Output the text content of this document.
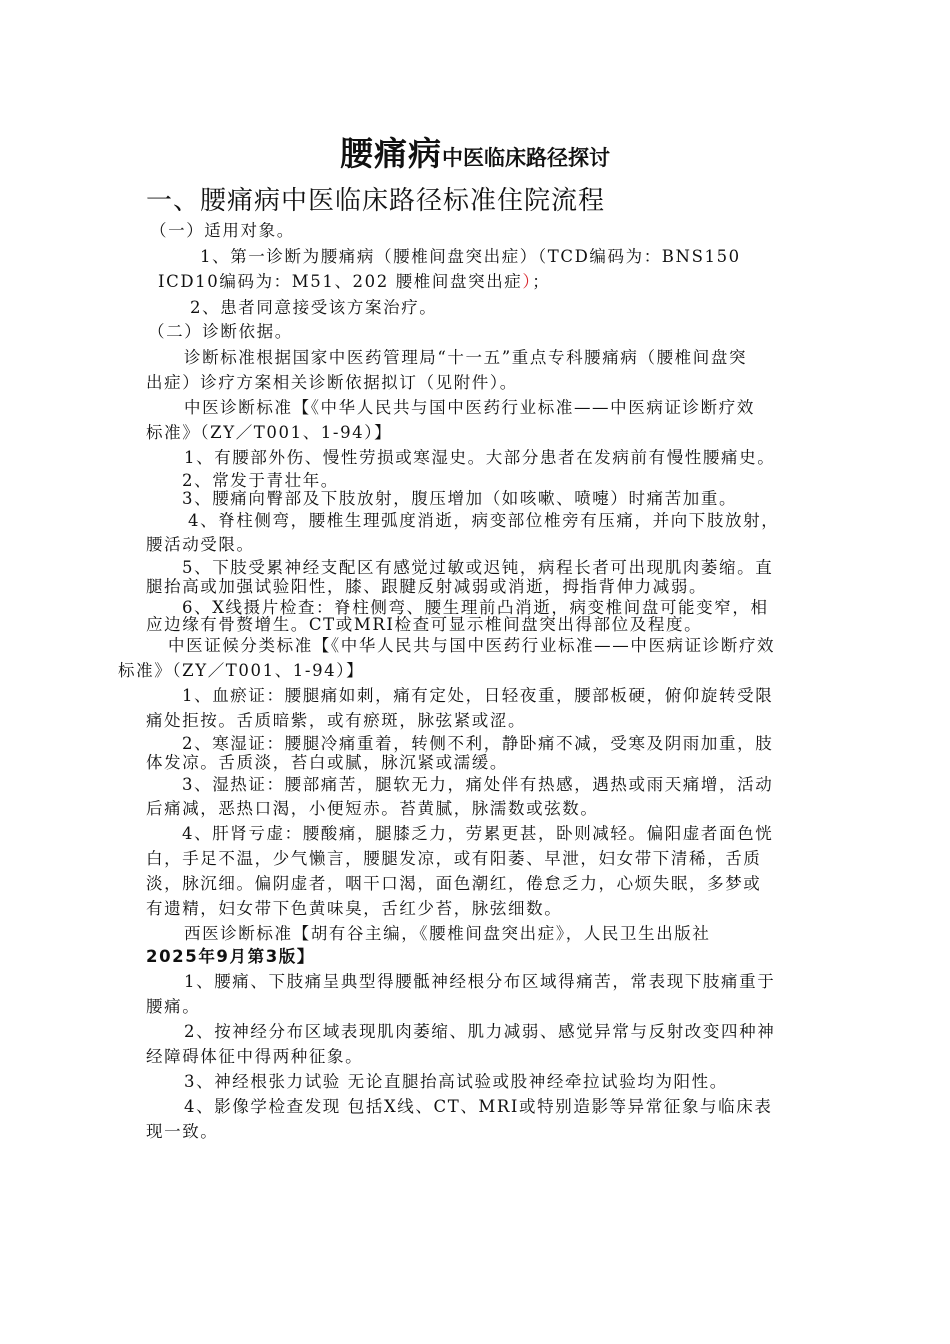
腰痛病中医临床路径探讨
一、腰痛病中医临床路径标准住院流程
（一）适用对象。
1、第一诊断为腰痛病（腰椎间盘突出症）（TCD编码为：BNS150
ICD10编码为：M51、202 腰椎间盘突出症）；
2、患者同意接受该方案治疗。
（二）诊断依据。
诊断标准根据国家中医药管理局“十一五”重点专科腰痛病（腰椎间盘突
出症）诊疗方案相关诊断依据拟订（见附件）。
中医诊断标准【《中华人民共与国中医药行业标准——中医病证诊断疗效
标准》（ZY／T001、1-94）】
1、有腰部外伤、慢性劳损或寒湿史。大部分患者在发病前有慢性腰痛史。
2、常发于青壮年。
3、腰痛向臀部及下肢放射，腹压增加（如咳嗽、喷嚏）时痛苦加重。
4、脊柱侧弯，腰椎生理弧度消逝，病变部位椎旁有压痛，并向下肢放射，
腰活动受限。
5、下肢受累神经支配区有感觉过敏或迟钝，病程长者可出现肌肉萎缩。直
腿抬高或加强试验阳性，膝、跟腱反射减弱或消逝，拇指背伸力减弱。
6、X线摄片检查：脊柱侧弯、腰生理前凸消逝，病变椎间盘可能变窄，相
应边缘有骨赘增生。CT或MRI检查可显示椎间盘突出得部位及程度。
中医证候分类标准【《中华人民共与国中医药行业标准——中医病证诊断疗效
标准》（ZY／T001、1-94）】
1、血瘀证：腰腿痛如刺，痛有定处，日轻夜重，腰部板硬，俯仰旋转受限
痛处拒按。舌质暗紫，或有瘀斑，脉弦紧或涩。
2、寒湿证：腰腿冷痛重着，转侧不利，静卧痛不减，受寒及阴雨加重，肢
体发凉。舌质淡，苔白或腻，脉沉紧或濡缓。
3、湿热证：腰部痛苦，腿软无力，痛处伴有热感，遇热或雨天痛增，活动
后痛减，恶热口渴，小便短赤。苔黄腻，脉濡数或弦数。
4、肝肾亏虚：腰酸痛，腿膝乏力，劳累更甚，卧则减轻。偏阳虚者面色恍
白，手足不温，少气懒言，腰腿发凉，或有阳萎、早泄，妇女带下清稀，舌质
淡，脉沉细。偏阴虚者，咽干口渴，面色潮红，倦怠乏力，心烦失眠，多梦或
有遗精，妇女带下色黄味臭，舌红少苔，脉弦细数。
西医诊断标准【胡有谷主编，《腰椎间盘突出症》，人民卫生出版社
2025年9月第3版】
1、腰痛、下肢痛呈典型得腰骶神经根分布区域得痛苦，常表现下肢痛重于
腰痛。
2、按神经分布区域表现肌肉萎缩、肌力减弱、感觉异常与反射改变四种神
经障碍体征中得两种征象。
3、神经根张力试验 无论直腿抬高试验或股神经牵拉试验均为阳性。
4、影像学检查发现 包括X线、CT、MRI或特别造影等异常征象与临床表
现一致。
